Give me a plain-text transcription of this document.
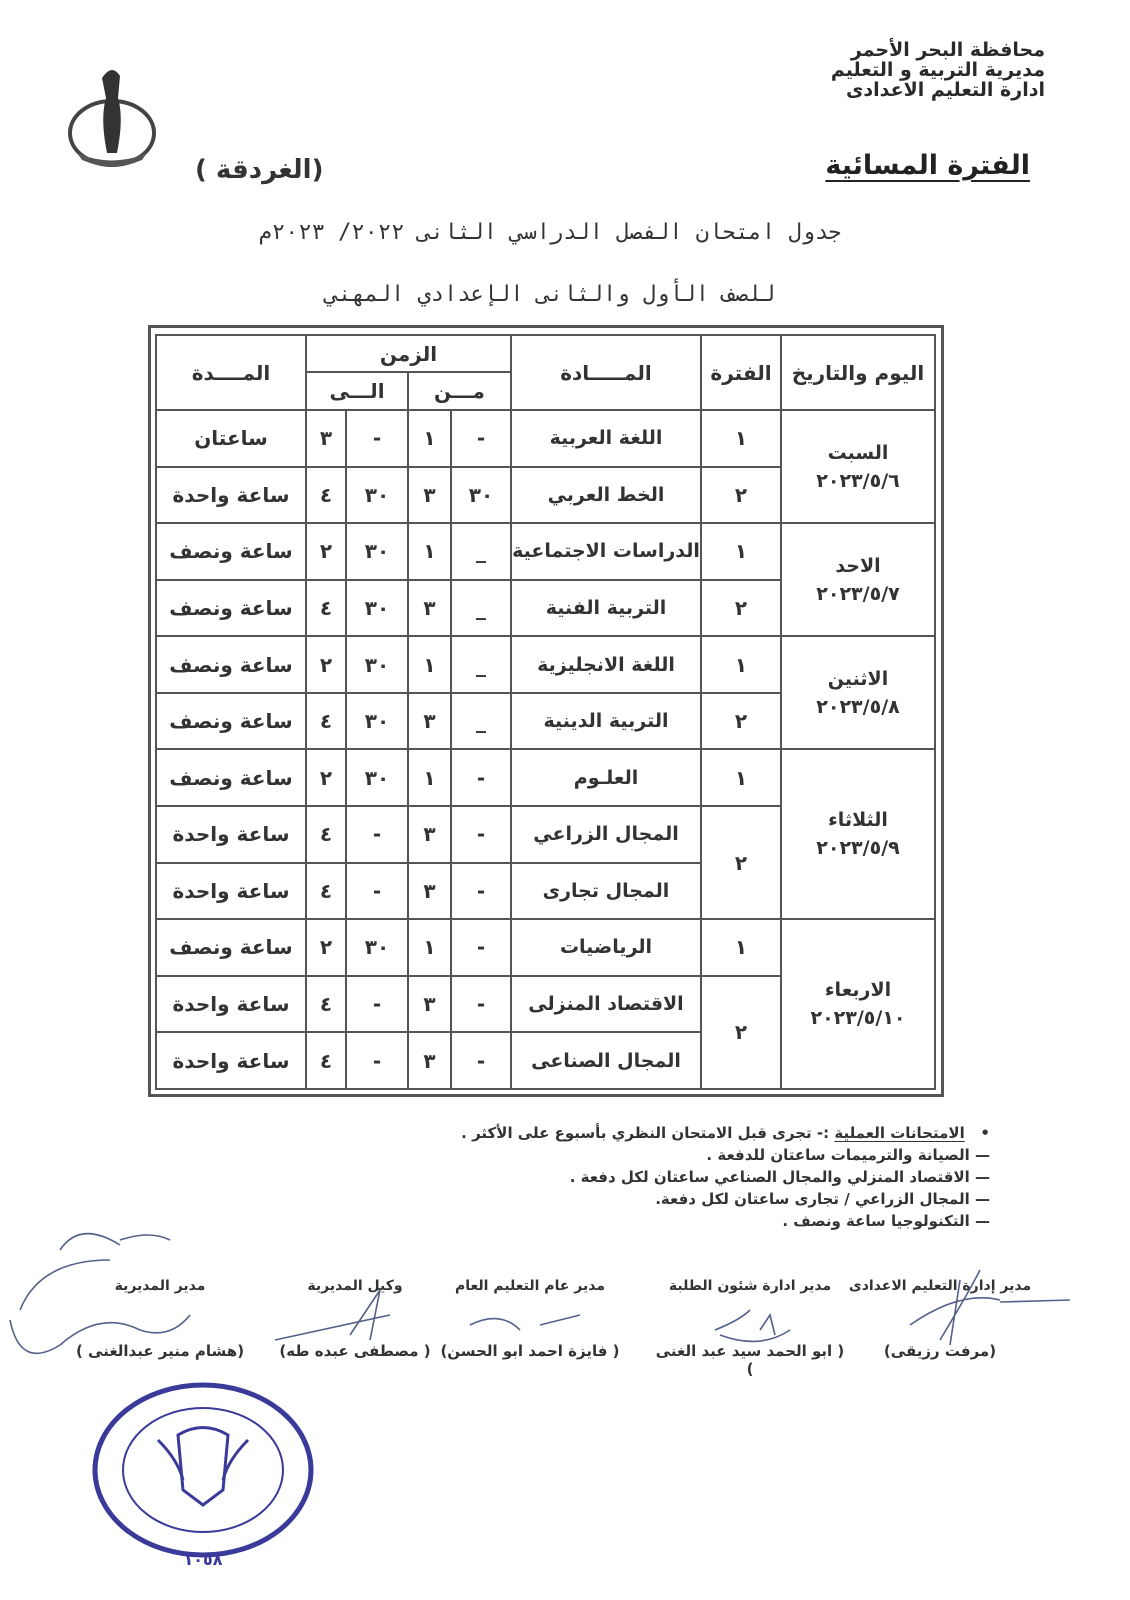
محافظة البحر الأحمر
مديرية التربية و التعليم
ادارة التعليم الاعدادى
الفترة المسائية
(الغردقة )
جدول امتحان الفصل الدراسي الثانى ٢٠٢٢/ ٢٠٢٣م
للصف الأول والثانى الإعدادي المهني
اليوم والتاريخ	الفترة	المـــــادة	الزمن				المــــدة
			مـــن		الـــى		

السبت
٢٠٢٣/٥/٦	١	اللغة العربية	-	١	-	٣	ساعتان
	٢	الخط العربي	٣٠	٣	٣٠	٤	ساعة واحدة

الاحد
٢٠٢٣/٥/٧	١	الدراسات الاجتماعية	_	١	٣٠	٢	ساعة ونصف
	٢	التربية الفنية	_	٣	٣٠	٤	ساعة ونصف

الاثنين
٢٠٢٣/٥/٨	١	اللغة الانجليزية	_	١	٣٠	٢	ساعة ونصف
	٢	التربية الدينية	_	٣	٣٠	٤	ساعة ونصف

الثلاثاء
٢٠٢٣/٥/٩	١	العلـوم	-	١	٣٠	٢	ساعة ونصف
	٢	المجال الزراعي	-	٣	-	٤	ساعة واحدة
		المجال تجارى	-	٣	-	٤	ساعة واحدة

الاربعاء
٢٠٢٣/٥/١٠	١	الرياضيات	-	١	٣٠	٢	ساعة ونصف
	٢	الاقتصاد المنزلى	-	٣	-	٤	ساعة واحدة
		المجال الصناعى	-	٣	-	٤	ساعة واحدة
•   الامتحانات العملية :- تجرى قبل الامتحان النظري بأسبوع على الأكثر .
— الصيانة والترميمات ساعتان للدفعة .
— الاقتصاد المنزلي والمجال الصناعي ساعتان لكل دفعة .
— المجال الزراعي / تجارى ساعتان لكل دفعة.
— التكنولوجيا ساعة ونصف .
مدير إدارة التعليم الاعدادى
(مرفت رزيقى)
مدير ادارة شئون الطلبة
( ابو الحمد سيد عبد الغنى )
مدير عام التعليم العام
( فايزة احمد ابو الحسن)
وكيل المديرية
( مصطفى عبده طه)
مدير المديرية
(هشام منير عبدالغنى )
١٠٥٨
